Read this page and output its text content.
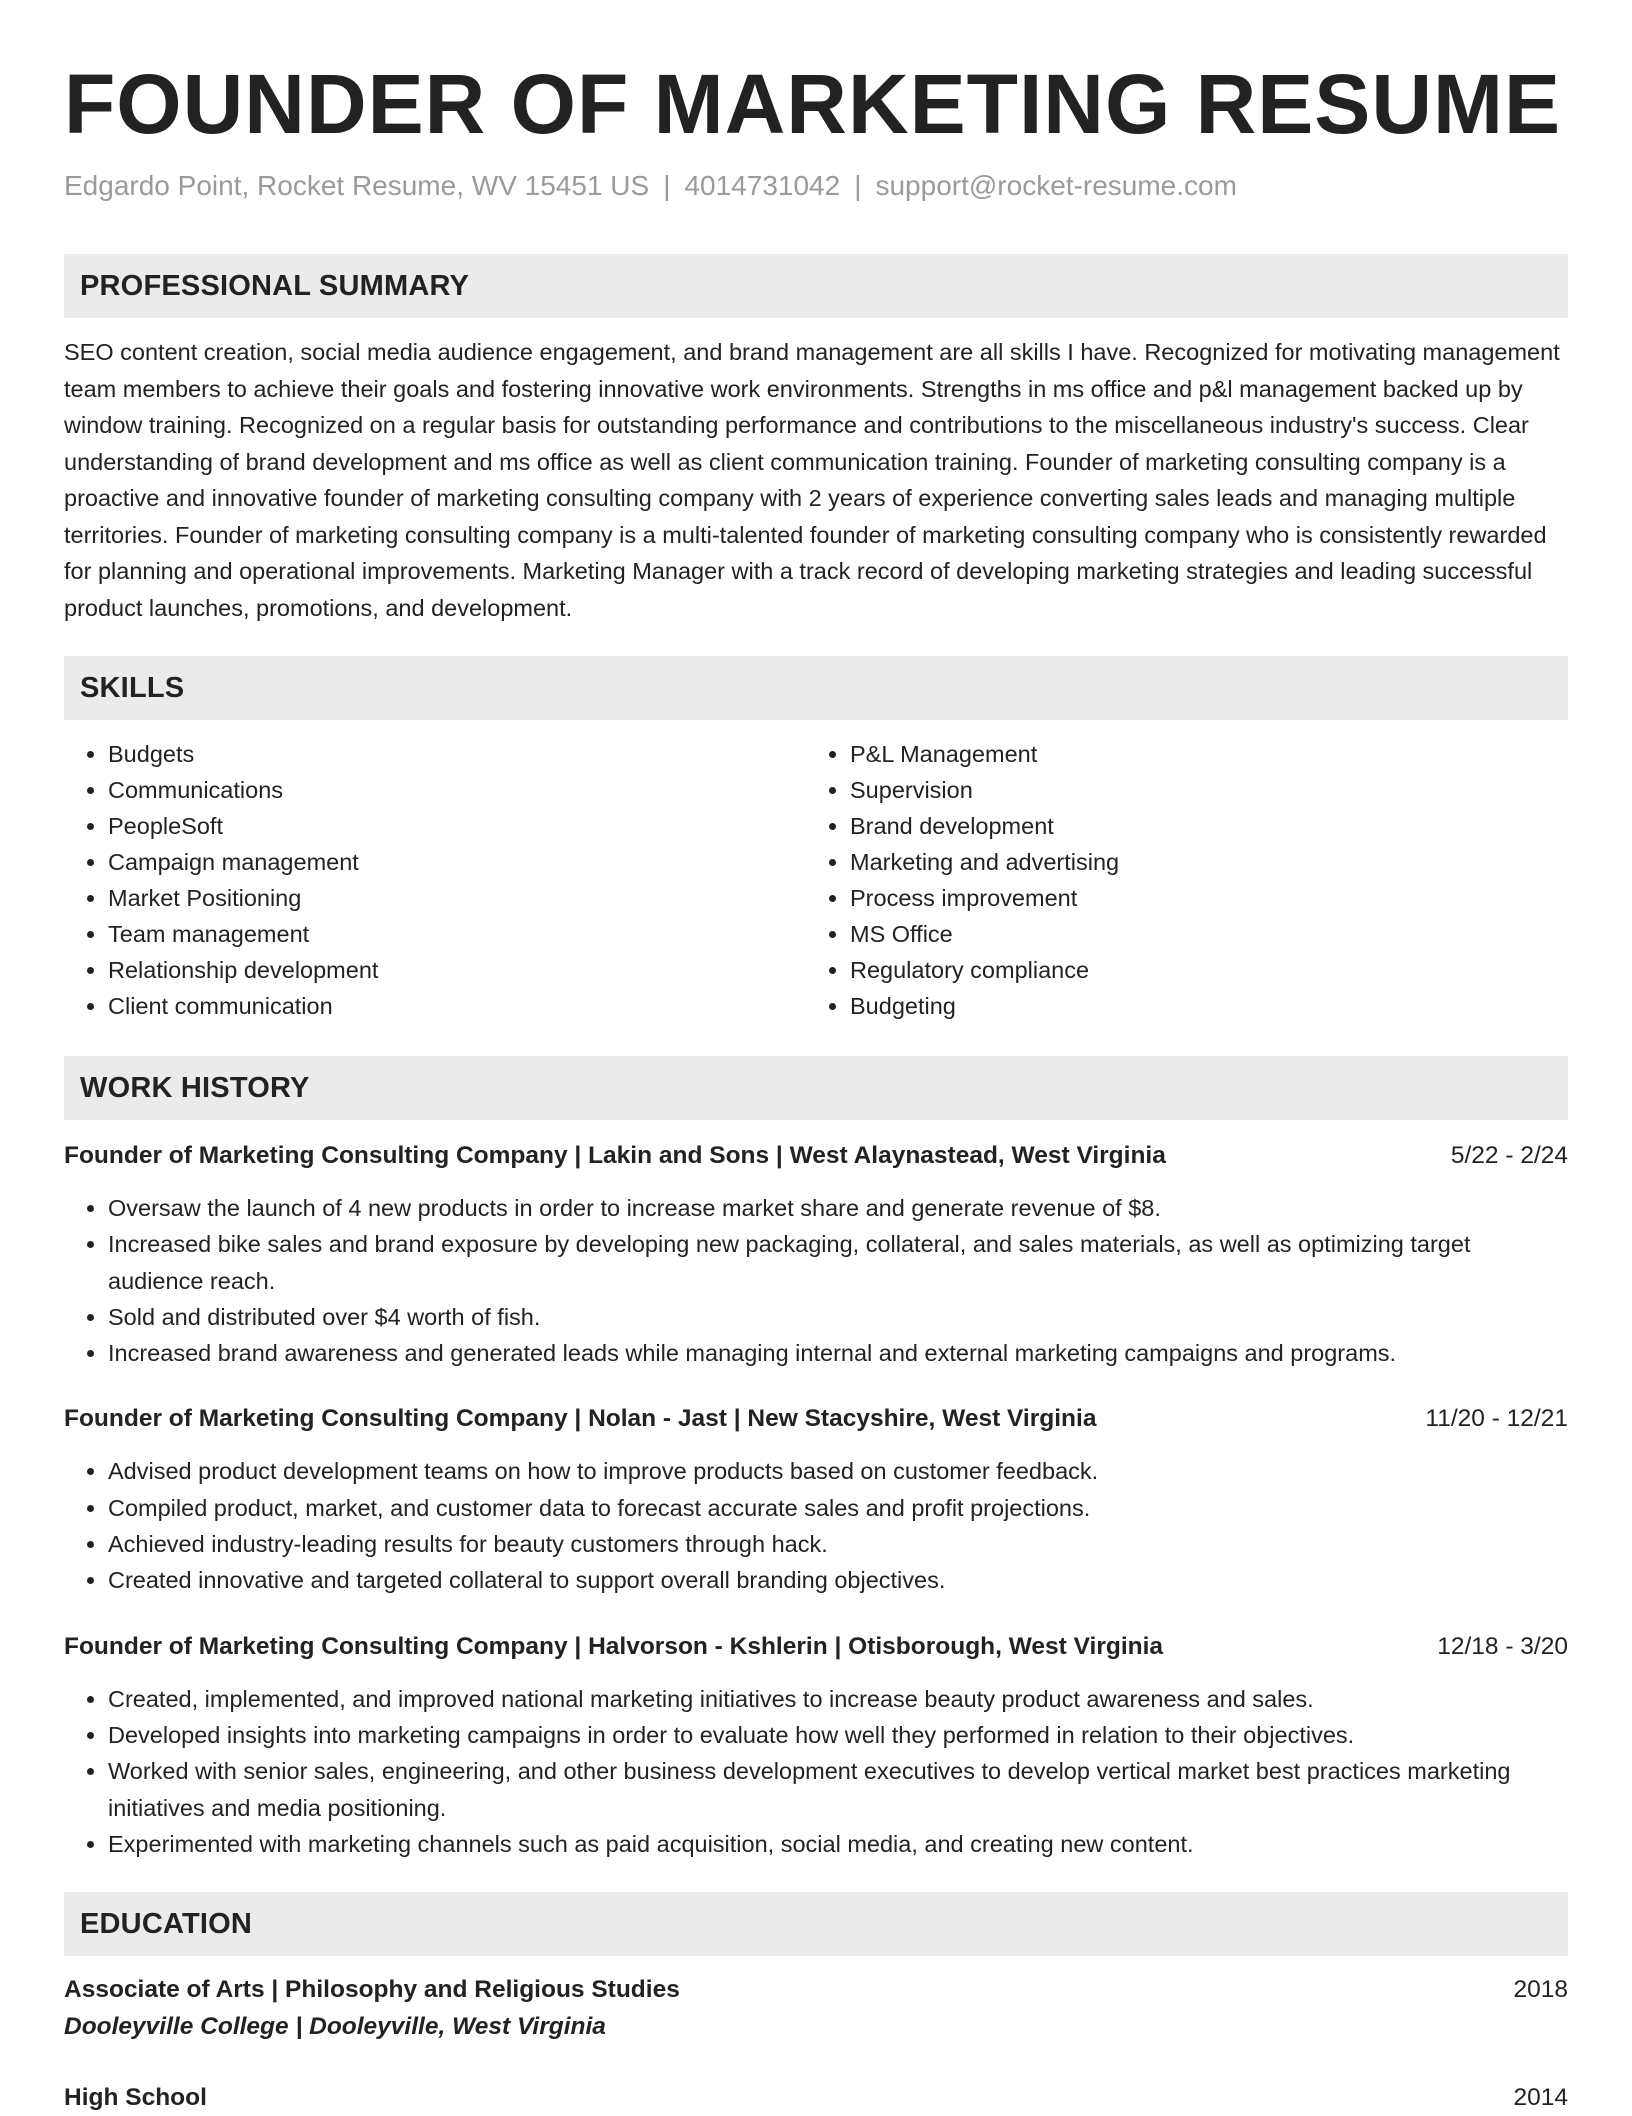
FOUNDER OF MARKETING RESUME
Edgardo Point, Rocket Resume, WV 15451 US | 4014731042 | support@rocket-resume.com
PROFESSIONAL SUMMARY
SEO content creation, social media audience engagement, and brand management are all skills I have. Recognized for motivating management team members to achieve their goals and fostering innovative work environments. Strengths in ms office and p&l management backed up by window training. Recognized on a regular basis for outstanding performance and contributions to the miscellaneous industry's success. Clear understanding of brand development and ms office as well as client communication training. Founder of marketing consulting company is a proactive and innovative founder of marketing consulting company with 2 years of experience converting sales leads and managing multiple territories. Founder of marketing consulting company is a multi-talented founder of marketing consulting company who is consistently rewarded for planning and operational improvements. Marketing Manager with a track record of developing marketing strategies and leading successful product launches, promotions, and development.
SKILLS
• Budgets
• Communications
• PeopleSoft
• Campaign management
• Market Positioning
• Team management
• Relationship development
• Client communication
• P&L Management
• Supervision
• Brand development
• Marketing and advertising
• Process improvement
• MS Office
• Regulatory compliance
• Budgeting
WORK HISTORY
Founder of Marketing Consulting Company | Lakin and Sons | West Alaynastead, West Virginia	5/22 - 2/24
• Oversaw the launch of 4 new products in order to increase market share and generate revenue of $8.
• Increased bike sales and brand exposure by developing new packaging, collateral, and sales materials, as well as optimizing target audience reach.
• Sold and distributed over $4 worth of fish.
• Increased brand awareness and generated leads while managing internal and external marketing campaigns and programs.
Founder of Marketing Consulting Company | Nolan - Jast | New Stacyshire, West Virginia	11/20 - 12/21
• Advised product development teams on how to improve products based on customer feedback.
• Compiled product, market, and customer data to forecast accurate sales and profit projections.
• Achieved industry-leading results for beauty customers through hack.
• Created innovative and targeted collateral to support overall branding objectives.
Founder of Marketing Consulting Company | Halvorson - Kshlerin | Otisborough, West Virginia	12/18 - 3/20
• Created, implemented, and improved national marketing initiatives to increase beauty product awareness and sales.
• Developed insights into marketing campaigns in order to evaluate how well they performed in relation to their objectives.
• Worked with senior sales, engineering, and other business development executives to develop vertical market best practices marketing initiatives and media positioning.
• Experimented with marketing channels such as paid acquisition, social media, and creating new content.
EDUCATION
Associate of Arts | Philosophy and Religious Studies	2018
Dooleyville College | Dooleyville, West Virginia
High School	2014
